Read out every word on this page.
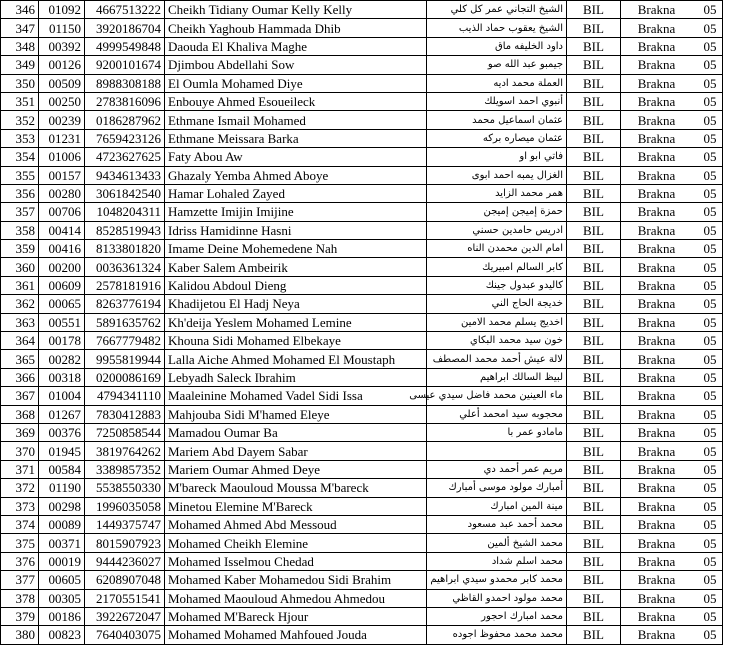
346	01092	4667513222	Cheikh Tidiany Oumar Kelly Kelly	الشيخ التجاني عمر كل كلي	BIL	Brakna 05
347	01150	3920186704	Cheikh Yaghoub Hammada Dhib	الشيخ يعقوب حماد الذيب	BIL	Brakna 05
348	00392	4999549848	Daouda El Khaliva Maghe	داود الخليفه ماق	BIL	Brakna 05
349	00126	9200101674	Djimbou Abdellahi Sow	جيمبو عبد الله صو	BIL	Brakna 05
350	00509	8988308188	El Oumla Mohamed Diye	العملة محمد اديه	BIL	Brakna 05
351	00250	2783816096	Enbouye Ahmed Esoueileck	أنبوي احمد اسويلك	BIL	Brakna 05
352	00239	0186287962	Ethmane Ismail Mohamed	عثمان اسماعيل محمد	BIL	Brakna 05
353	01231	7659423126	Ethmane Meissara Barka	عثمان ميصاره بركه	BIL	Brakna 05
354	01006	4723627625	Faty Abou Aw	فاتي ابو او	BIL	Brakna 05
355	00157	9434613433	Ghazaly Yemba Ahmed Aboye	الغزال يمبه احمد ابوى	BIL	Brakna 05
356	00280	3061842540	Hamar Lohaled Zayed	همر محمد الزايد	BIL	Brakna 05
357	00706	1048204311	Hamzette Imijin Imijine	حمزة إميجن إميجن	BIL	Brakna 05
358	00414	8528519943	Idriss Hamidinne Hasni	ادريس حامدين حسني	BIL	Brakna 05
359	00416	8133801820	Imame Deine Mohemedene Nah	امام الدين محمدن الناه	BIL	Brakna 05
360	00200	0036361324	Kaber Salem Ambeirik	كابر السالم امبيريك	BIL	Brakna 05
361	00609	2578181916	Kalidou Abdoul Dieng	كاليدو عبدول جينك	BIL	Brakna 05
362	00065	8263776194	Khadijetou El Hadj Neya	خديجة الحاج الني	BIL	Brakna 05
363	00551	5891635762	Kh'deija Yeslem Mohamed Lemine	اخديج يسلم محمد الامين	BIL	Brakna 05
364	00178	7667779482	Khouna Sidi Mohamed Elbekaye	خون سيد محمد البكاي	BIL	Brakna 05
365	00282	9955819944	Lalla Aiche Ahmed Mohamed El Moustaph	لالة عيش أحمد محمد المصطف	BIL	Brakna 05
366	00318	0200086169	Lebyadh Saleck Ibrahim	لبيظ السالك ابراهيم	BIL	Brakna 05
367	01004	4794341110	Maaleinine Mohamed Vadel Sidi Issa	ماء العينين محمد فاضل سيدي عيسى	BIL	Brakna 05
368	01267	7830412883	Mahjouba Sidi M'hamed Eleye	محجوبه سيد امحمد أعلي	BIL	Brakna 05
369	00376	7250858544	Mamadou Oumar Ba	مامادو عمر با	BIL	Brakna 05
370	01945	3819764262	Mariem Abd Dayem Sabar		BIL	Brakna 05
371	00584	3389857352	Mariem Oumar Ahmed Deye	مريم عمر أحمد دي	BIL	Brakna 05
372	01190	5538550330	M'bareck Maouloud Moussa M'bareck	أمبارك مولود موسى أمبارك	BIL	Brakna 05
373	00298	1996035058	Minetou Elemine M'Bareck	مينة المين امبارك	BIL	Brakna 05
374	00089	1449375747	Mohamed Ahmed Abd Messoud	محمد أحمد عبد مسعود	BIL	Brakna 05
375	00371	8015907923	Mohamed Cheikh Elemine	محمد الشيخ ألمين	BIL	Brakna 05
376	00019	9444236027	Mohamed Isselmou Chedad	محمد اسلم شداد	BIL	Brakna 05
377	00605	6208907048	Mohamed Kaber Mohamedou Sidi Brahim	محمد كابر محمدو سيدي ابراهيم	BIL	Brakna 05
378	00305	2170551541	Mohamed Maouloud Ahmedou Ahmedou	محمد مولود احمدو القاظي	BIL	Brakna 05
379	00186	3922672047	Mohamed M'Bareck Hjour	محمد امبارك احجور	BIL	Brakna 05
380	00823	7640403075	Mohamed Mohamed Mahfoued Jouda	محمد محمد محفوظ اجوده	BIL	Brakna 05
